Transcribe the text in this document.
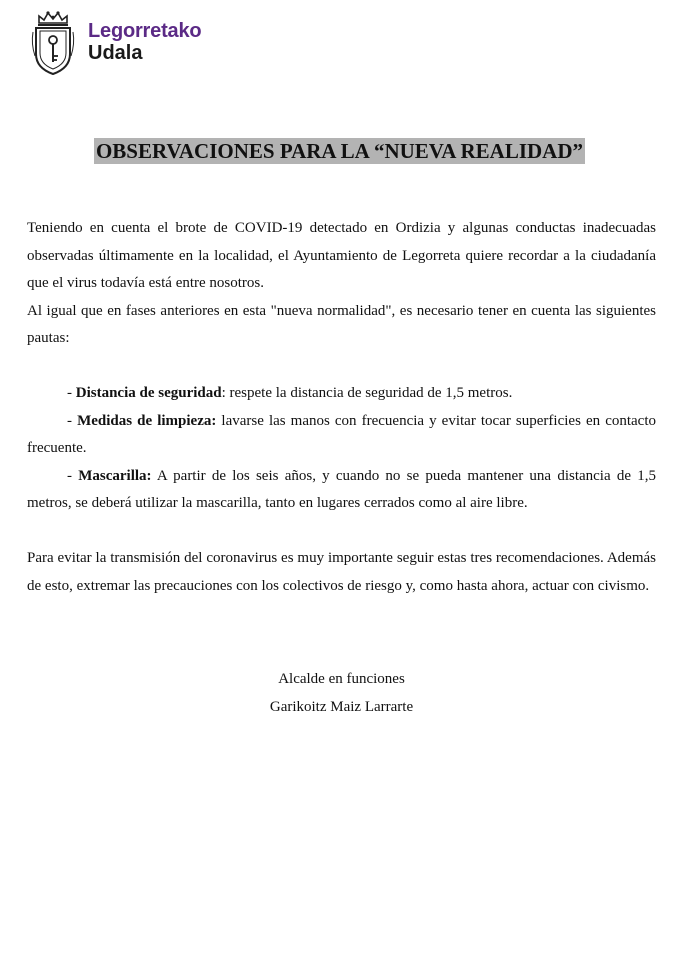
Legorretako
Udala
OBSERVACIONES PARA LA “NUEVA REALIDAD”

Teniendo en cuenta el brote de COVID-19 detectado en Ordizia y algunas conductas inadecuadas observadas últimamente en la localidad, el Ayuntamiento de Legorreta quiere recordar a la ciudadanía que el virus todavía está entre nosotros.

Al igual que en fases anteriores en esta "nueva normalidad", es necesario tener en cuenta las siguientes pautas:

- Distancia de seguridad: respete la distancia de seguridad de 1,5 metros.

- Medidas de limpieza: lavarse las manos con frecuencia y evitar tocar superficies en contacto frecuente.

- Mascarilla: A partir de los seis años, y cuando no se pueda mantener una distancia de 1,5 metros, se deberá utilizar la mascarilla, tanto en lugares cerrados como al aire libre.

Para evitar la transmisión del coronavirus es muy importante seguir estas tres recomendaciones. Además de esto, extremar las precauciones con los colectivos de riesgo y, como hasta ahora, actuar con civismo.

Alcalde en funciones
Garikoitz Maiz Larrarte
